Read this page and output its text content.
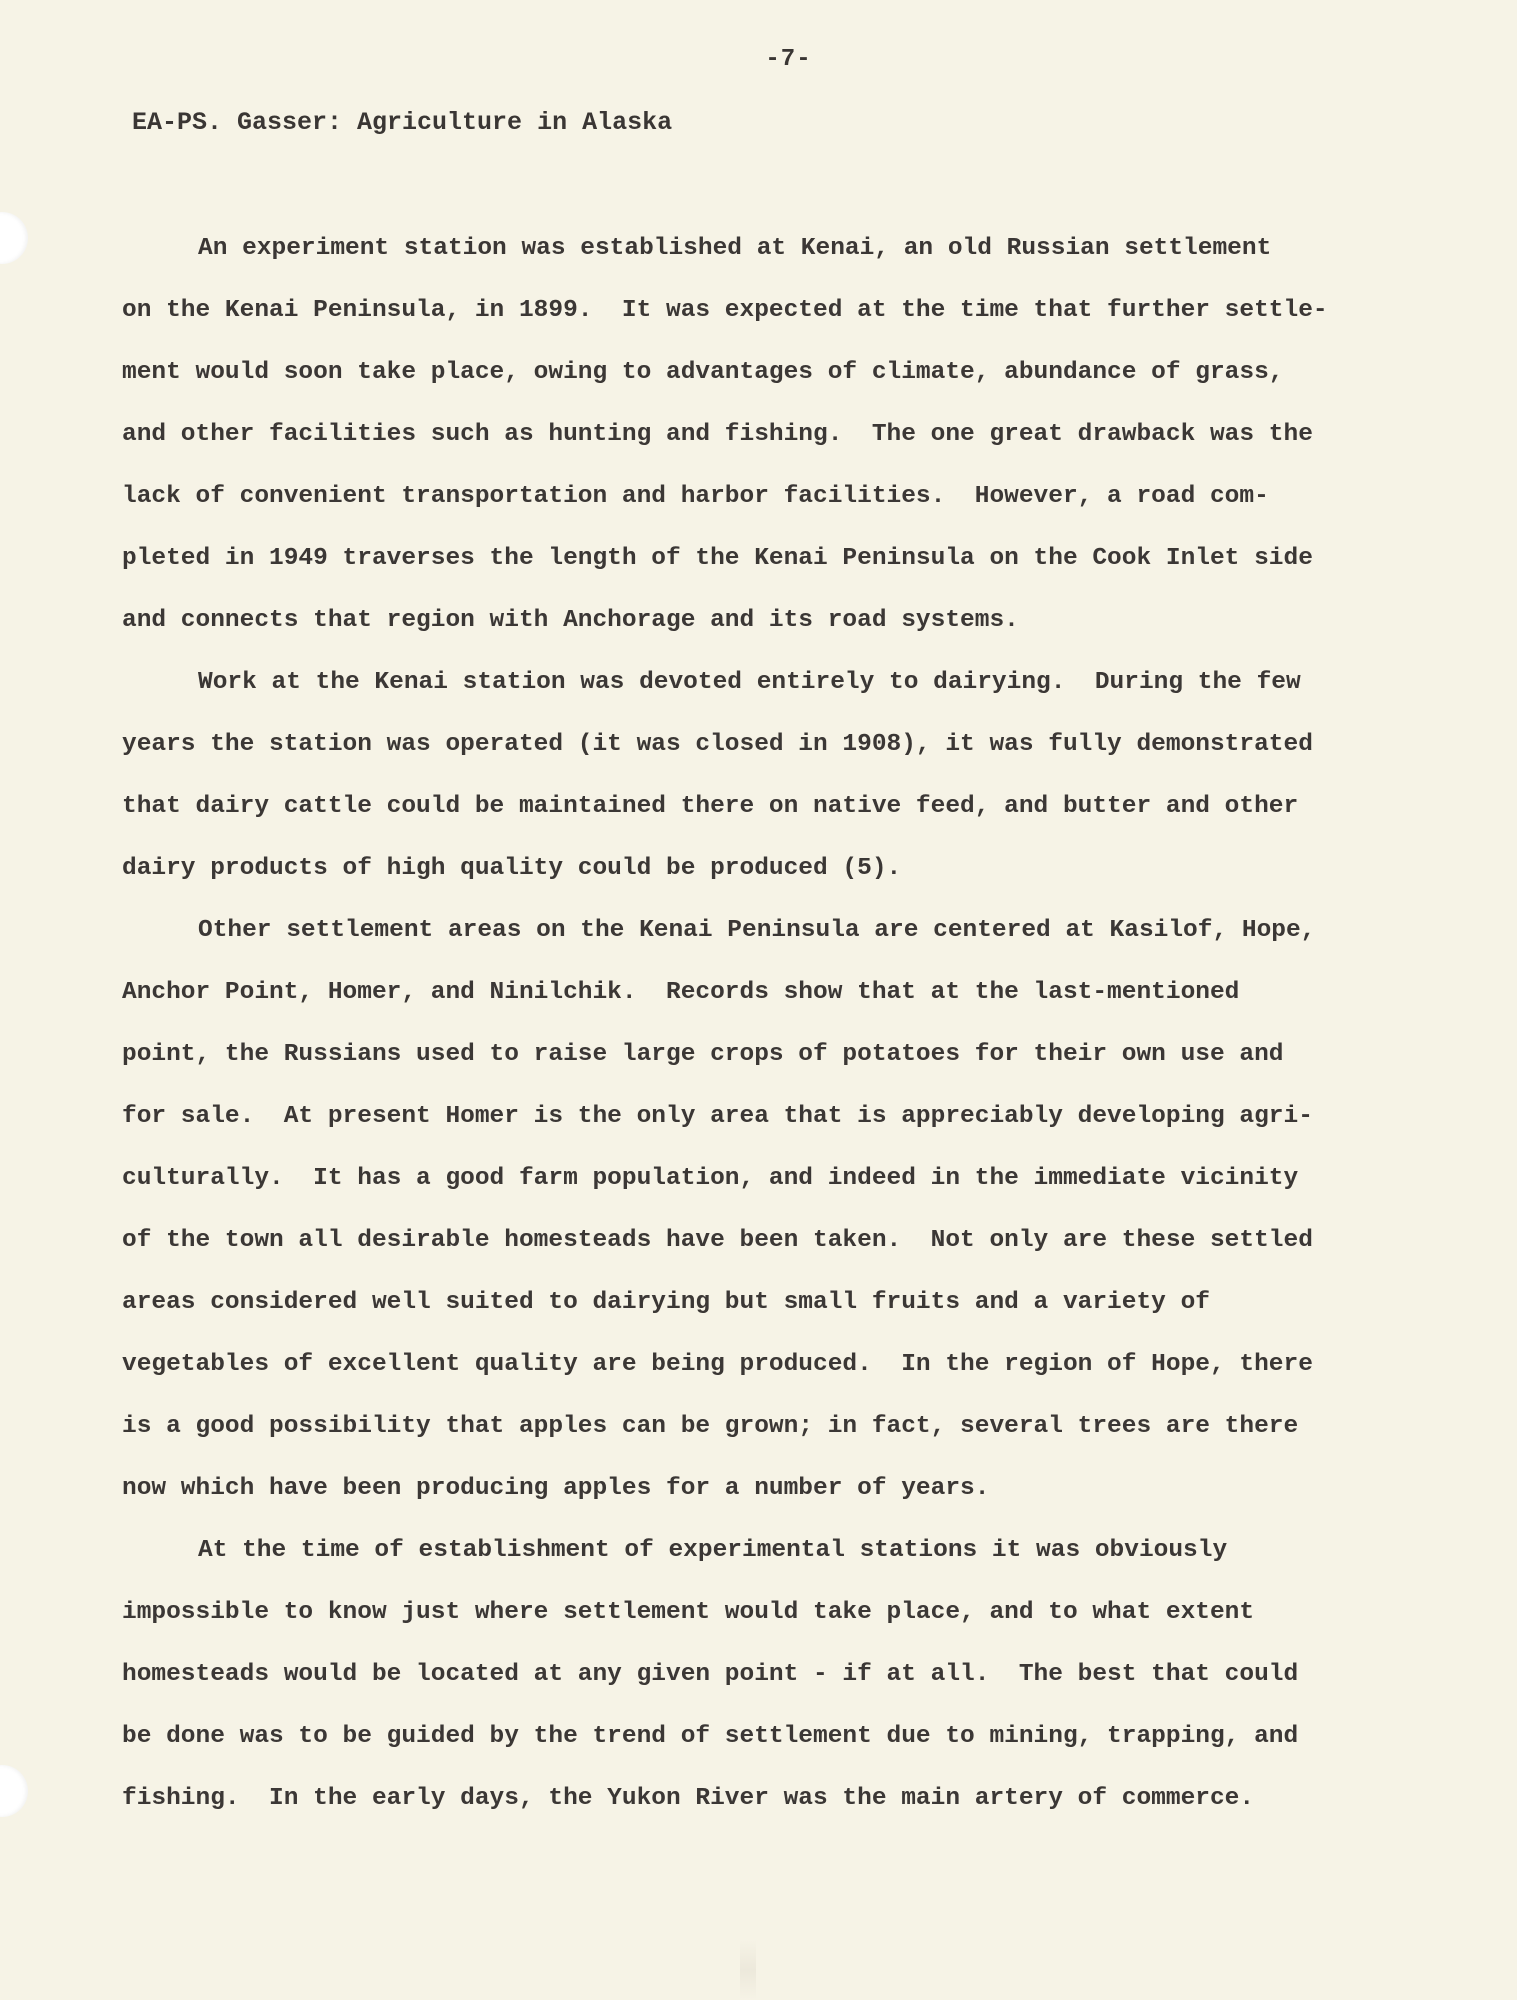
-7-
EA-PS. Gasser: Agriculture in Alaska
An experiment station was established at Kenai, an old Russian settlement
on the Kenai Peninsula, in 1899.  It was expected at the time that further settle-
ment would soon take place, owing to advantages of climate, abundance of grass,
and other facilities such as hunting and fishing.  The one great drawback was the
lack of convenient transportation and harbor facilities.  However, a road com-
pleted in 1949 traverses the length of the Kenai Peninsula on the Cook Inlet side
and connects that region with Anchorage and its road systems.
Work at the Kenai station was devoted entirely to dairying.  During the few
years the station was operated (it was closed in 1908), it was fully demonstrated
that dairy cattle could be maintained there on native feed, and butter and other
dairy products of high quality could be produced (5).
Other settlement areas on the Kenai Peninsula are centered at Kasilof, Hope,
Anchor Point, Homer, and Ninilchik.  Records show that at the last-mentioned
point, the Russians used to raise large crops of potatoes for their own use and
for sale.  At present Homer is the only area that is appreciably developing agri-
culturally.  It has a good farm population, and indeed in the immediate vicinity
of the town all desirable homesteads have been taken.  Not only are these settled
areas considered well suited to dairying but small fruits and a variety of
vegetables of excellent quality are being produced.  In the region of Hope, there
is a good possibility that apples can be grown; in fact, several trees are there
now which have been producing apples for a number of years.
At the time of establishment of experimental stations it was obviously
impossible to know just where settlement would take place, and to what extent
homesteads would be located at any given point - if at all.  The best that could
be done was to be guided by the trend of settlement due to mining, trapping, and
fishing.  In the early days, the Yukon River was the main artery of commerce.
